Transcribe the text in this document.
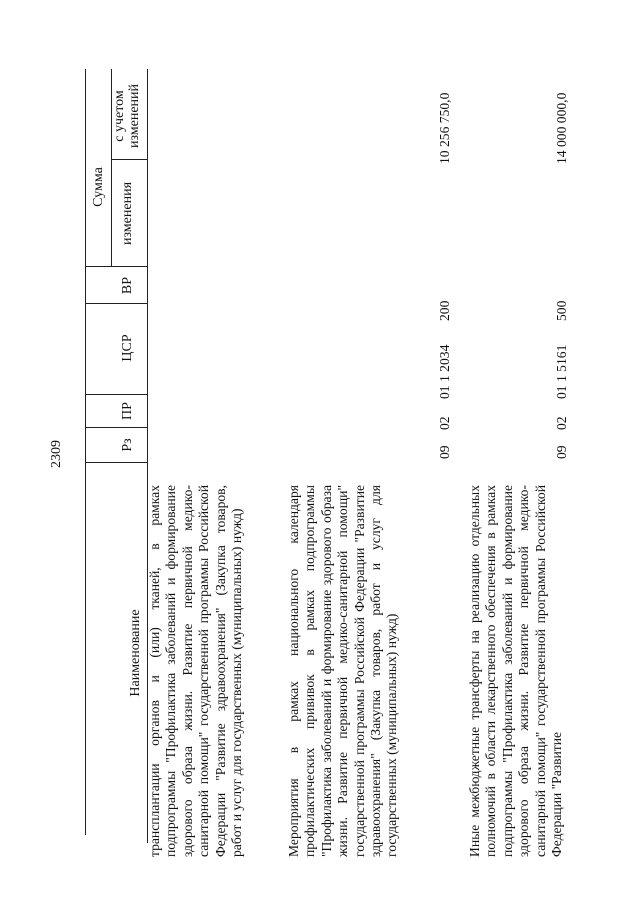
2309
Наименование
Рз
ПР
ЦСР
ВР
Сумма изменения
с учетом изменений
трансплантации органов и (или) тканей, в рамках подпрограммы "Профилактика заболеваний и формирование здорового образа жизни. Развитие первичной медико-санитарной помощи" государственной программы Российской Федерации "Развитие здравоохранения" (Закупка товаров, работ и услуг для государственных (муниципальных) нужд)	Мероприятия в рамках национального календаря профилактических прививок в рамках подпрограммы "Профилактика заболеваний и формирование здорового образа жизни. Развитие первичной медико-санитарной помощи" государственной программы Российской Федерации "Развитие здравоохранения" (Закупка товаров, работ и услуг для государственных (муниципальных) нужд)
09
02
01 1 2034
200
10 256 750,0
Иные межбюджетные трансферты на реализацию отдельных полномочий в области лекарственного обеспечения в рамках подпрограммы "Профилактика заболеваний и формирование здорового образа жизни. Развитие первичной медико-санитарной помощи" государственной программы Российской Федерации "Развитие
09
02
01 1 5161
500
14 000 000,0
